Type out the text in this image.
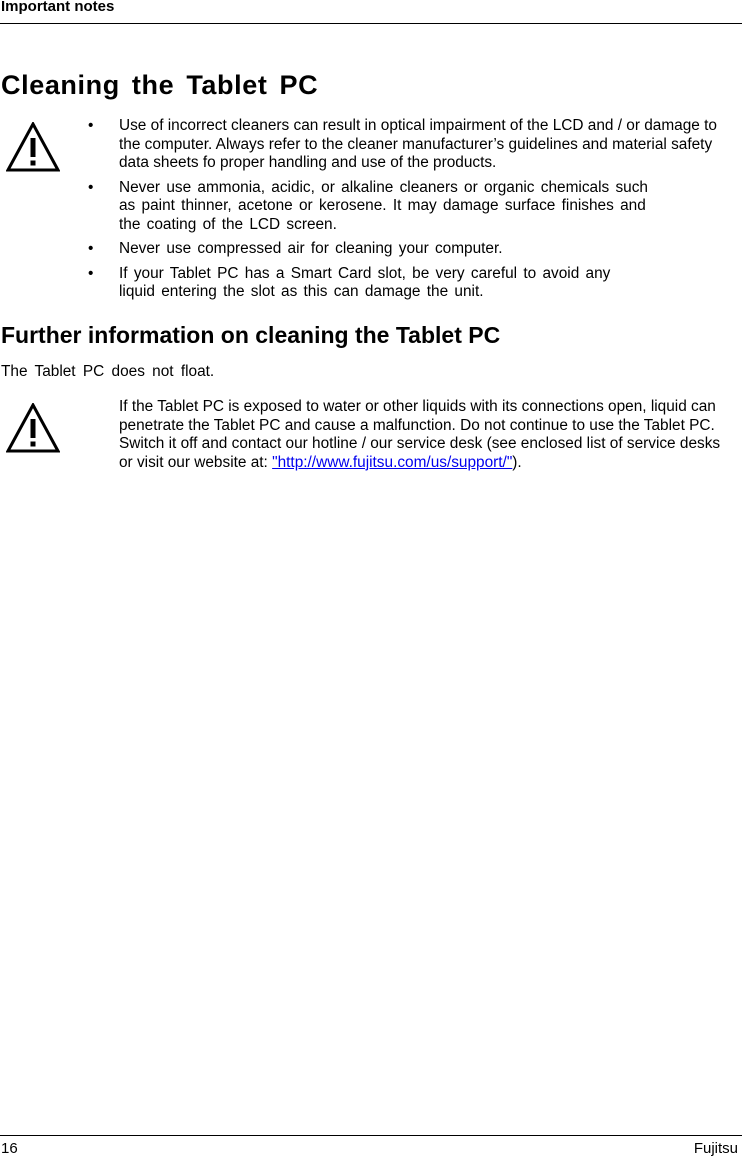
Important notes
Cleaning the Tablet PC
• Use of incorrect cleaners can result in optical impairment of the LCD and / or damage to the computer. Always refer to the cleaner manufacturer’s guidelines and material safety data sheets fo proper handling and use of the products.
• Never use ammonia, acidic, or alkaline cleaners or organic chemicals such as paint thinner, acetone or kerosene. It may damage surface finishes and the coating of the LCD screen.
• Never use compressed air for cleaning your computer.
• If your Tablet PC has a Smart Card slot, be very careful to avoid any liquid entering the slot as this can damage the unit.
Further information on cleaning the Tablet PC
The Tablet PC does not float.
If the Tablet PC is exposed to water or other liquids with its connections open, liquid can penetrate the Tablet PC and cause a malfunction. Do not continue to use the Tablet PC. Switch it off and contact our hotline / our service desk (see enclosed list of service desks or visit our website at: "http://www.fujitsu.com/us/support/").
16	Fujitsu
